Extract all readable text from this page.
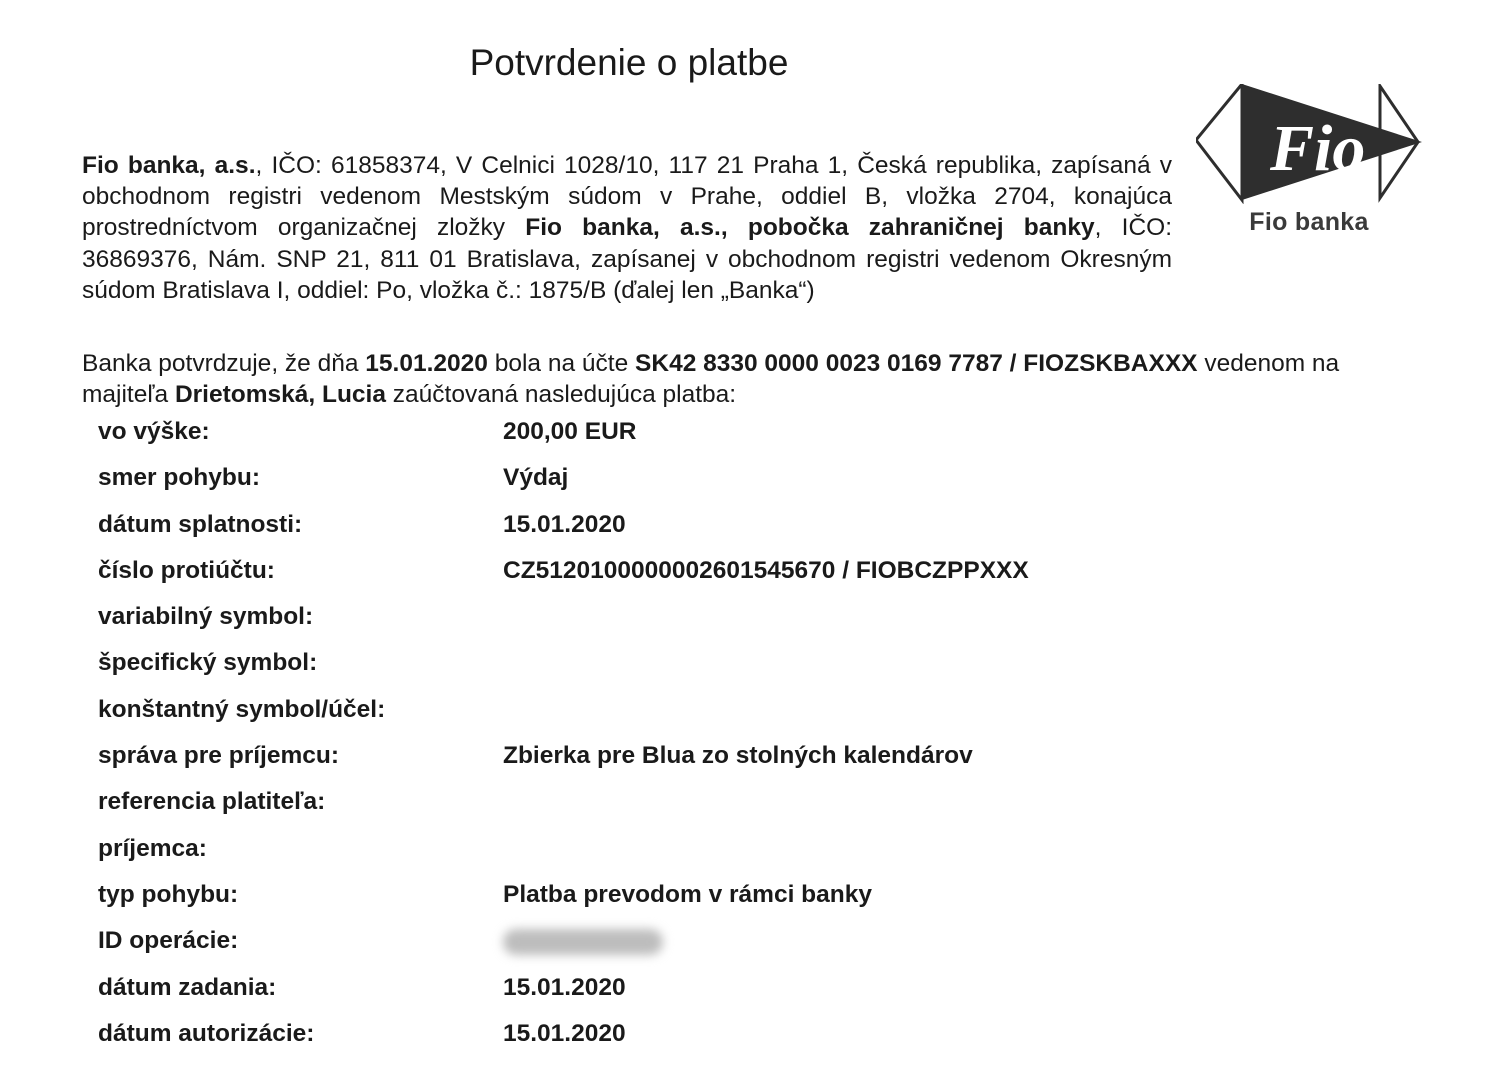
Potvrdenie o platbe
Fio
Fio banka

Fio banka, a.s., IČO: 61858374, V Celnici 1028/10, 117 21 Praha 1, Česká republika, zapísaná v obchodnom registri vedenom Mestským súdom v Prahe, oddiel B, vložka 2704, konajúca prostredníctvom organizačnej zložky Fio banka, a.s., pobočka zahraničnej banky, IČO: 36869376, Nám. SNP 21, 811 01 Bratislava, zapísanej v obchodnom registri vedenom Okresným súdom Bratislava I, oddiel: Po, vložka č.: 1875/B (ďalej len „Banka“)

Banka potvrdzuje, že dňa 15.01.2020 bola na účte SK42 8330 0000 0023 0169 7787 / FIOZSKBAXXX vedenom na majiteľa Drietomská, Lucia zaúčtovaná nasledujúca platba:

vo výške:	200,00 EUR
smer pohybu:	Výdaj
dátum splatnosti:	15.01.2020
číslo protiúčtu:	CZ5120100000002601545670 / FIOBCZPPXXX
variabilný symbol:
špecifický symbol:
konštantný symbol/účel:
správa pre príjemcu:	Zbierka pre Blua zo stolných kalendárov
referencia platiteľa:
príjemca:
typ pohybu:	Platba prevodom v rámci banky
ID operácie:
dátum zadania:	15.01.2020
dátum autorizácie:	15.01.2020
